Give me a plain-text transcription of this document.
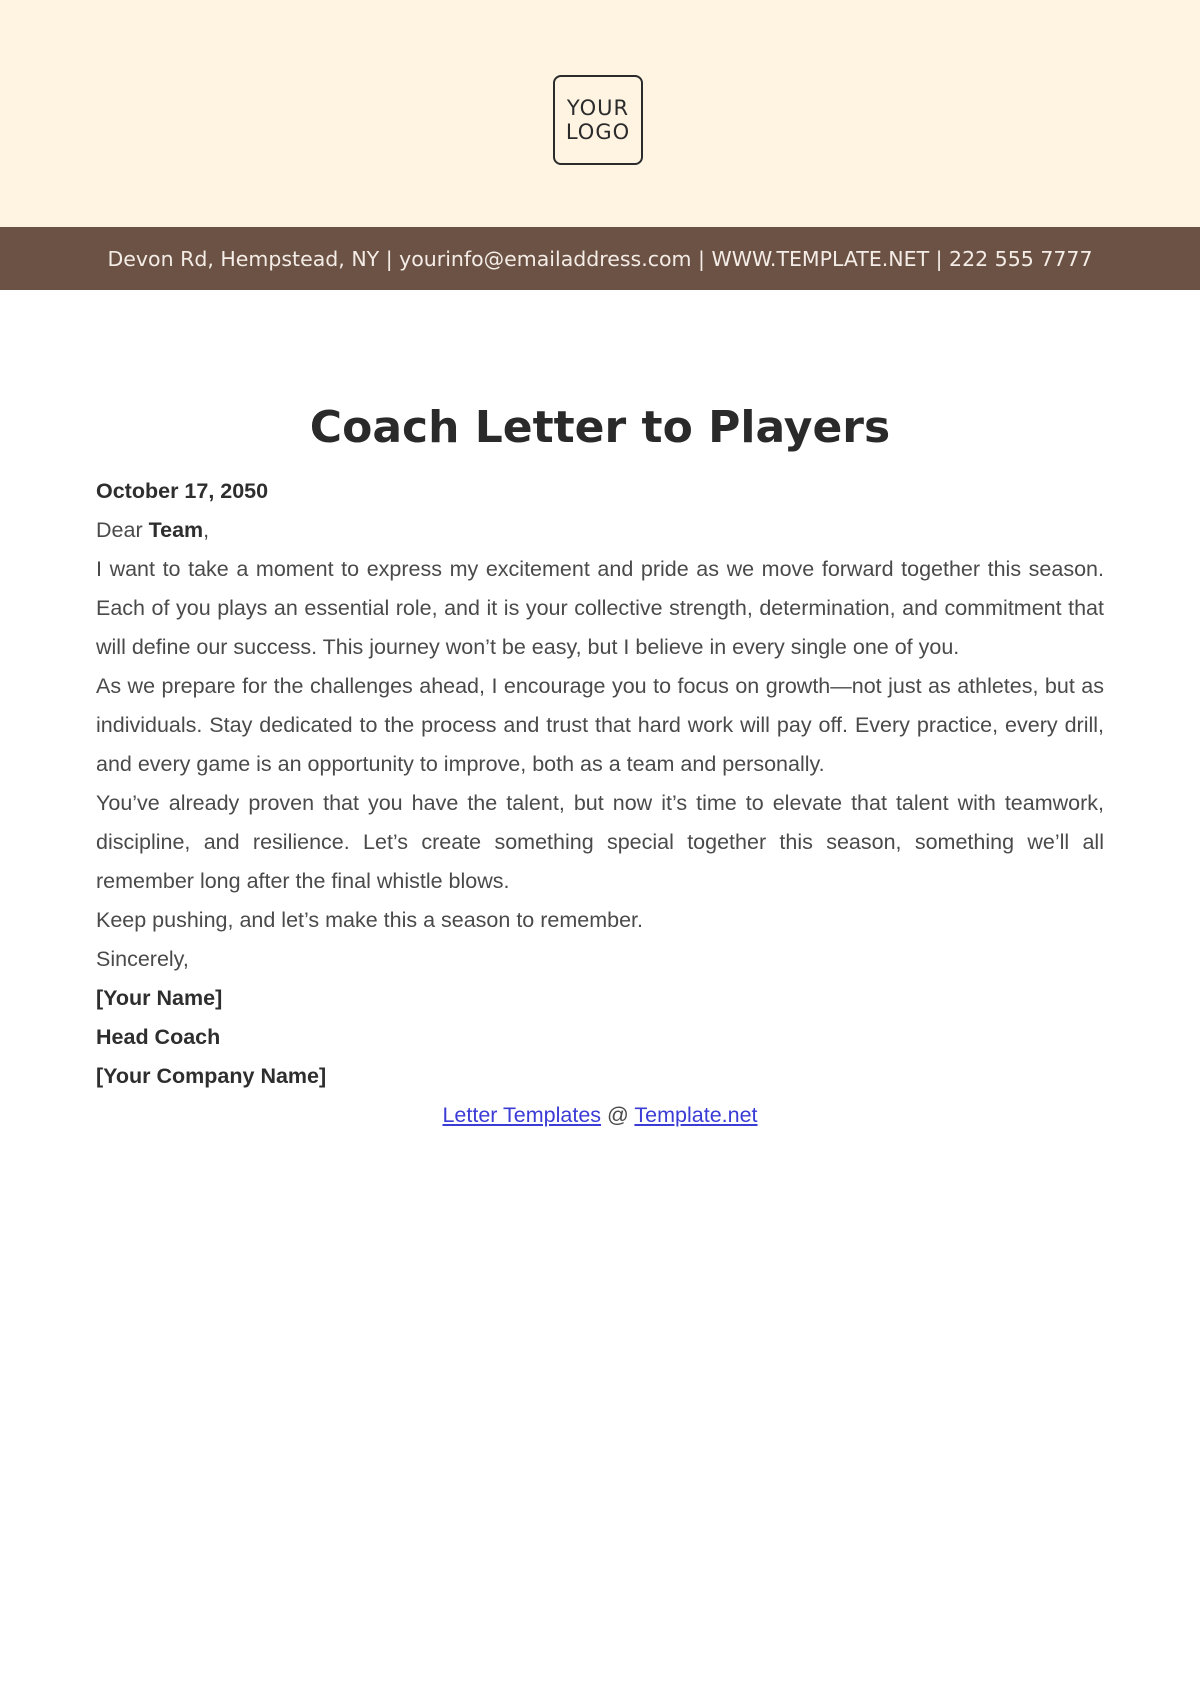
YOUR
LOGO
Devon Rd, Hempstead, NY | yourinfo@emailaddress.com | WWW.TEMPLATE.NET | 222 555 7777
Coach Letter to Players

October 17, 2050

Dear Team,

I want to take a moment to express my excitement and pride as we move forward together this season. Each of you plays an essential role, and it is your collective strength, determination, and commitment that will define our success. This journey won’t be easy, but I believe in every single one of you.

As we prepare for the challenges ahead, I encourage you to focus on growth—not just as athletes, but as individuals. Stay dedicated to the process and trust that hard work will pay off. Every practice, every drill, and every game is an opportunity to improve, both as a team and personally.

You’ve already proven that you have the talent, but now it’s time to elevate that talent with teamwork, discipline, and resilience. Let’s create something special together this season, something we’ll all remember long after the final whistle blows.

Keep pushing, and let’s make this a season to remember.

Sincerely,

[Your Name]

Head Coach

[Your Company Name]

Letter Templates @ Template.net
